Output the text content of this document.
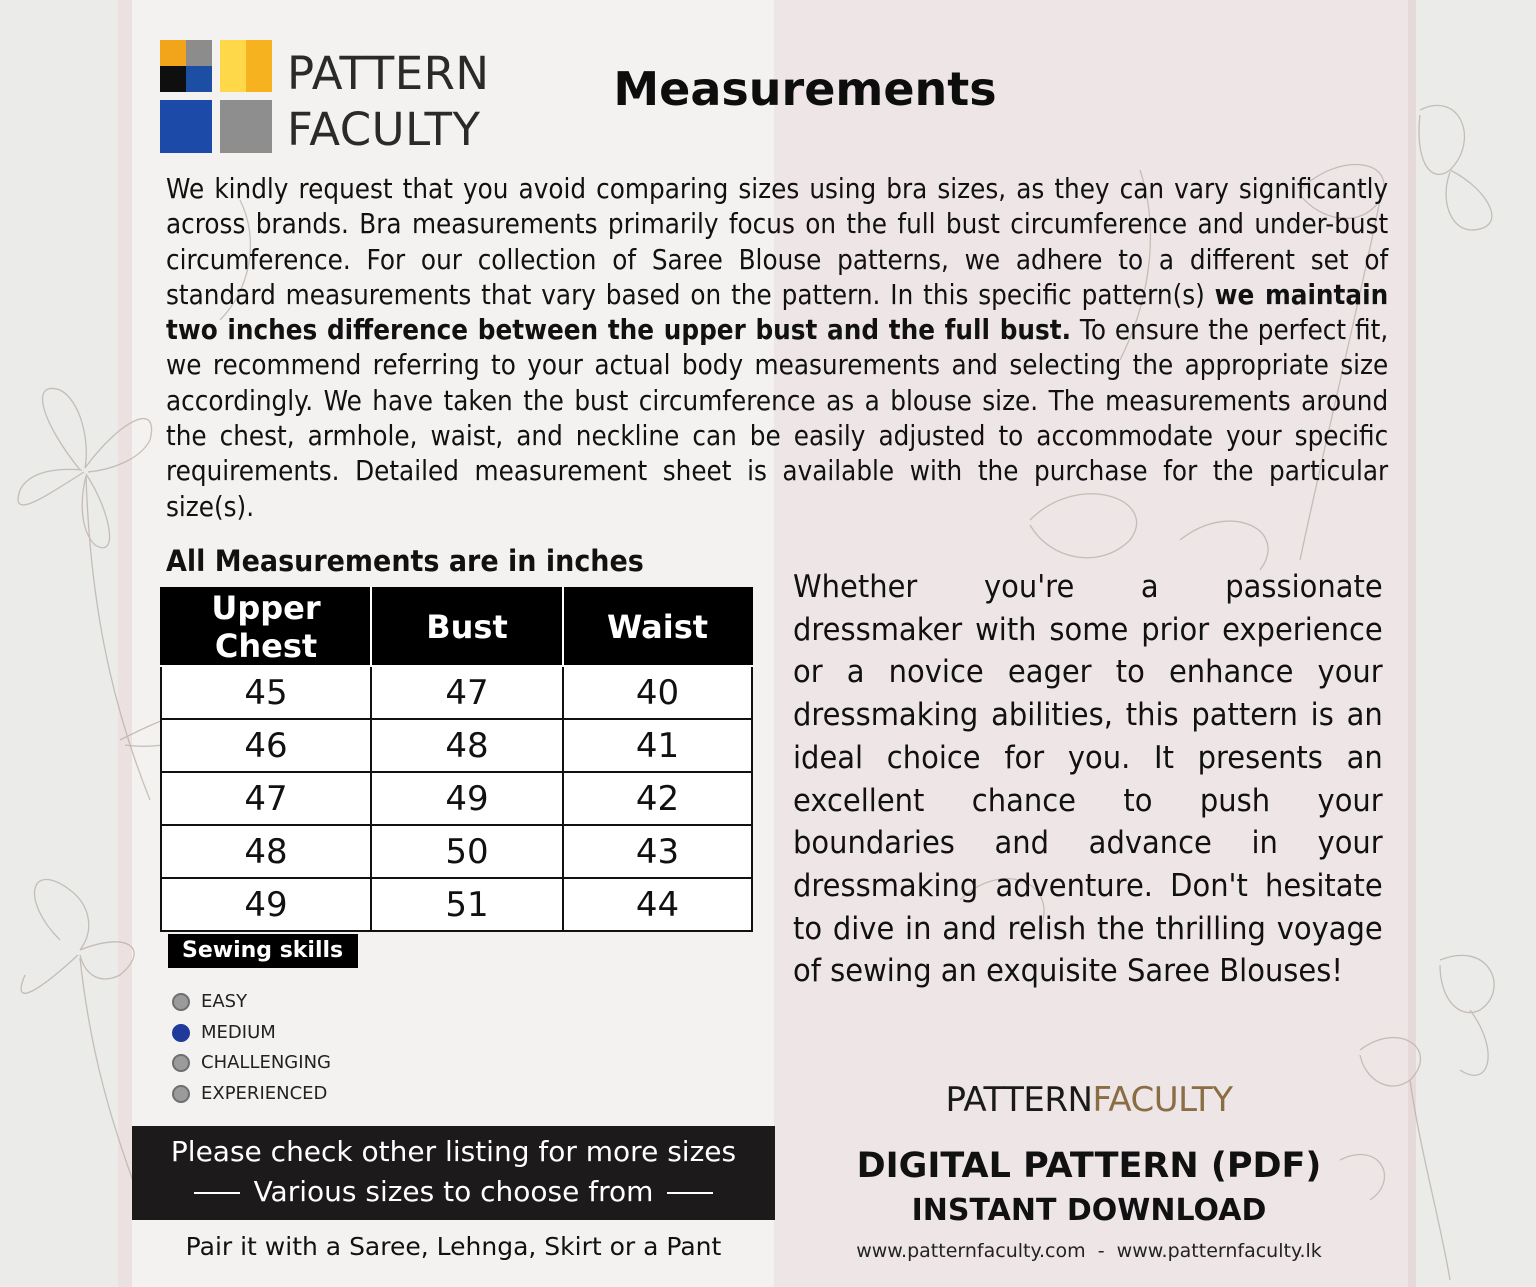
PATTERN
FACULTY
Measurements
We kindly request that you avoid comparing sizes using bra sizes, as they can vary significantly across brands. Bra measurements primarily focus on the full bust circumference and under-bust circumference. For our collection of Saree Blouse patterns, we adhere to a different set of standard measurements that vary based on the pattern. In this specific pattern(s) we maintain two inches difference between the upper bust and the full bust. To ensure the perfect fit, we recommend referring to your actual body measurements and selecting the appropriate size accordingly. We have taken the bust circumference as a blouse size. The measurements around the chest, armhole, waist, and neckline can be easily adjusted to accommodate your specific requirements. Detailed measurement sheet is available with the purchase for the particular size(s).
All Measurements are in inches
Upper Chest	Bust	Waist
45	47	40
46	48	41
47	49	42
48	50	43
49	51	44
Sewing skills
EASY
MEDIUM
CHALLENGING
EXPERIENCED
Please check other listing for more sizes
Various sizes to choose from
Pair it with a Saree, Lehnga, Skirt or a Pant
Whether you're a passionate dressmaker with some prior experience or a novice eager to enhance your dressmaking abilities, this pattern is an ideal choice for you. It presents an excellent chance to push your boundaries and advance in your dressmaking adventure. Don't hesitate to dive in and relish the thrilling voyage of sewing an exquisite Saree Blouses!
PATTERNFACULTY
DIGITAL PATTERN (PDF)
INSTANT DOWNLOAD
www.patternfaculty.com - www.patternfaculty.lk
